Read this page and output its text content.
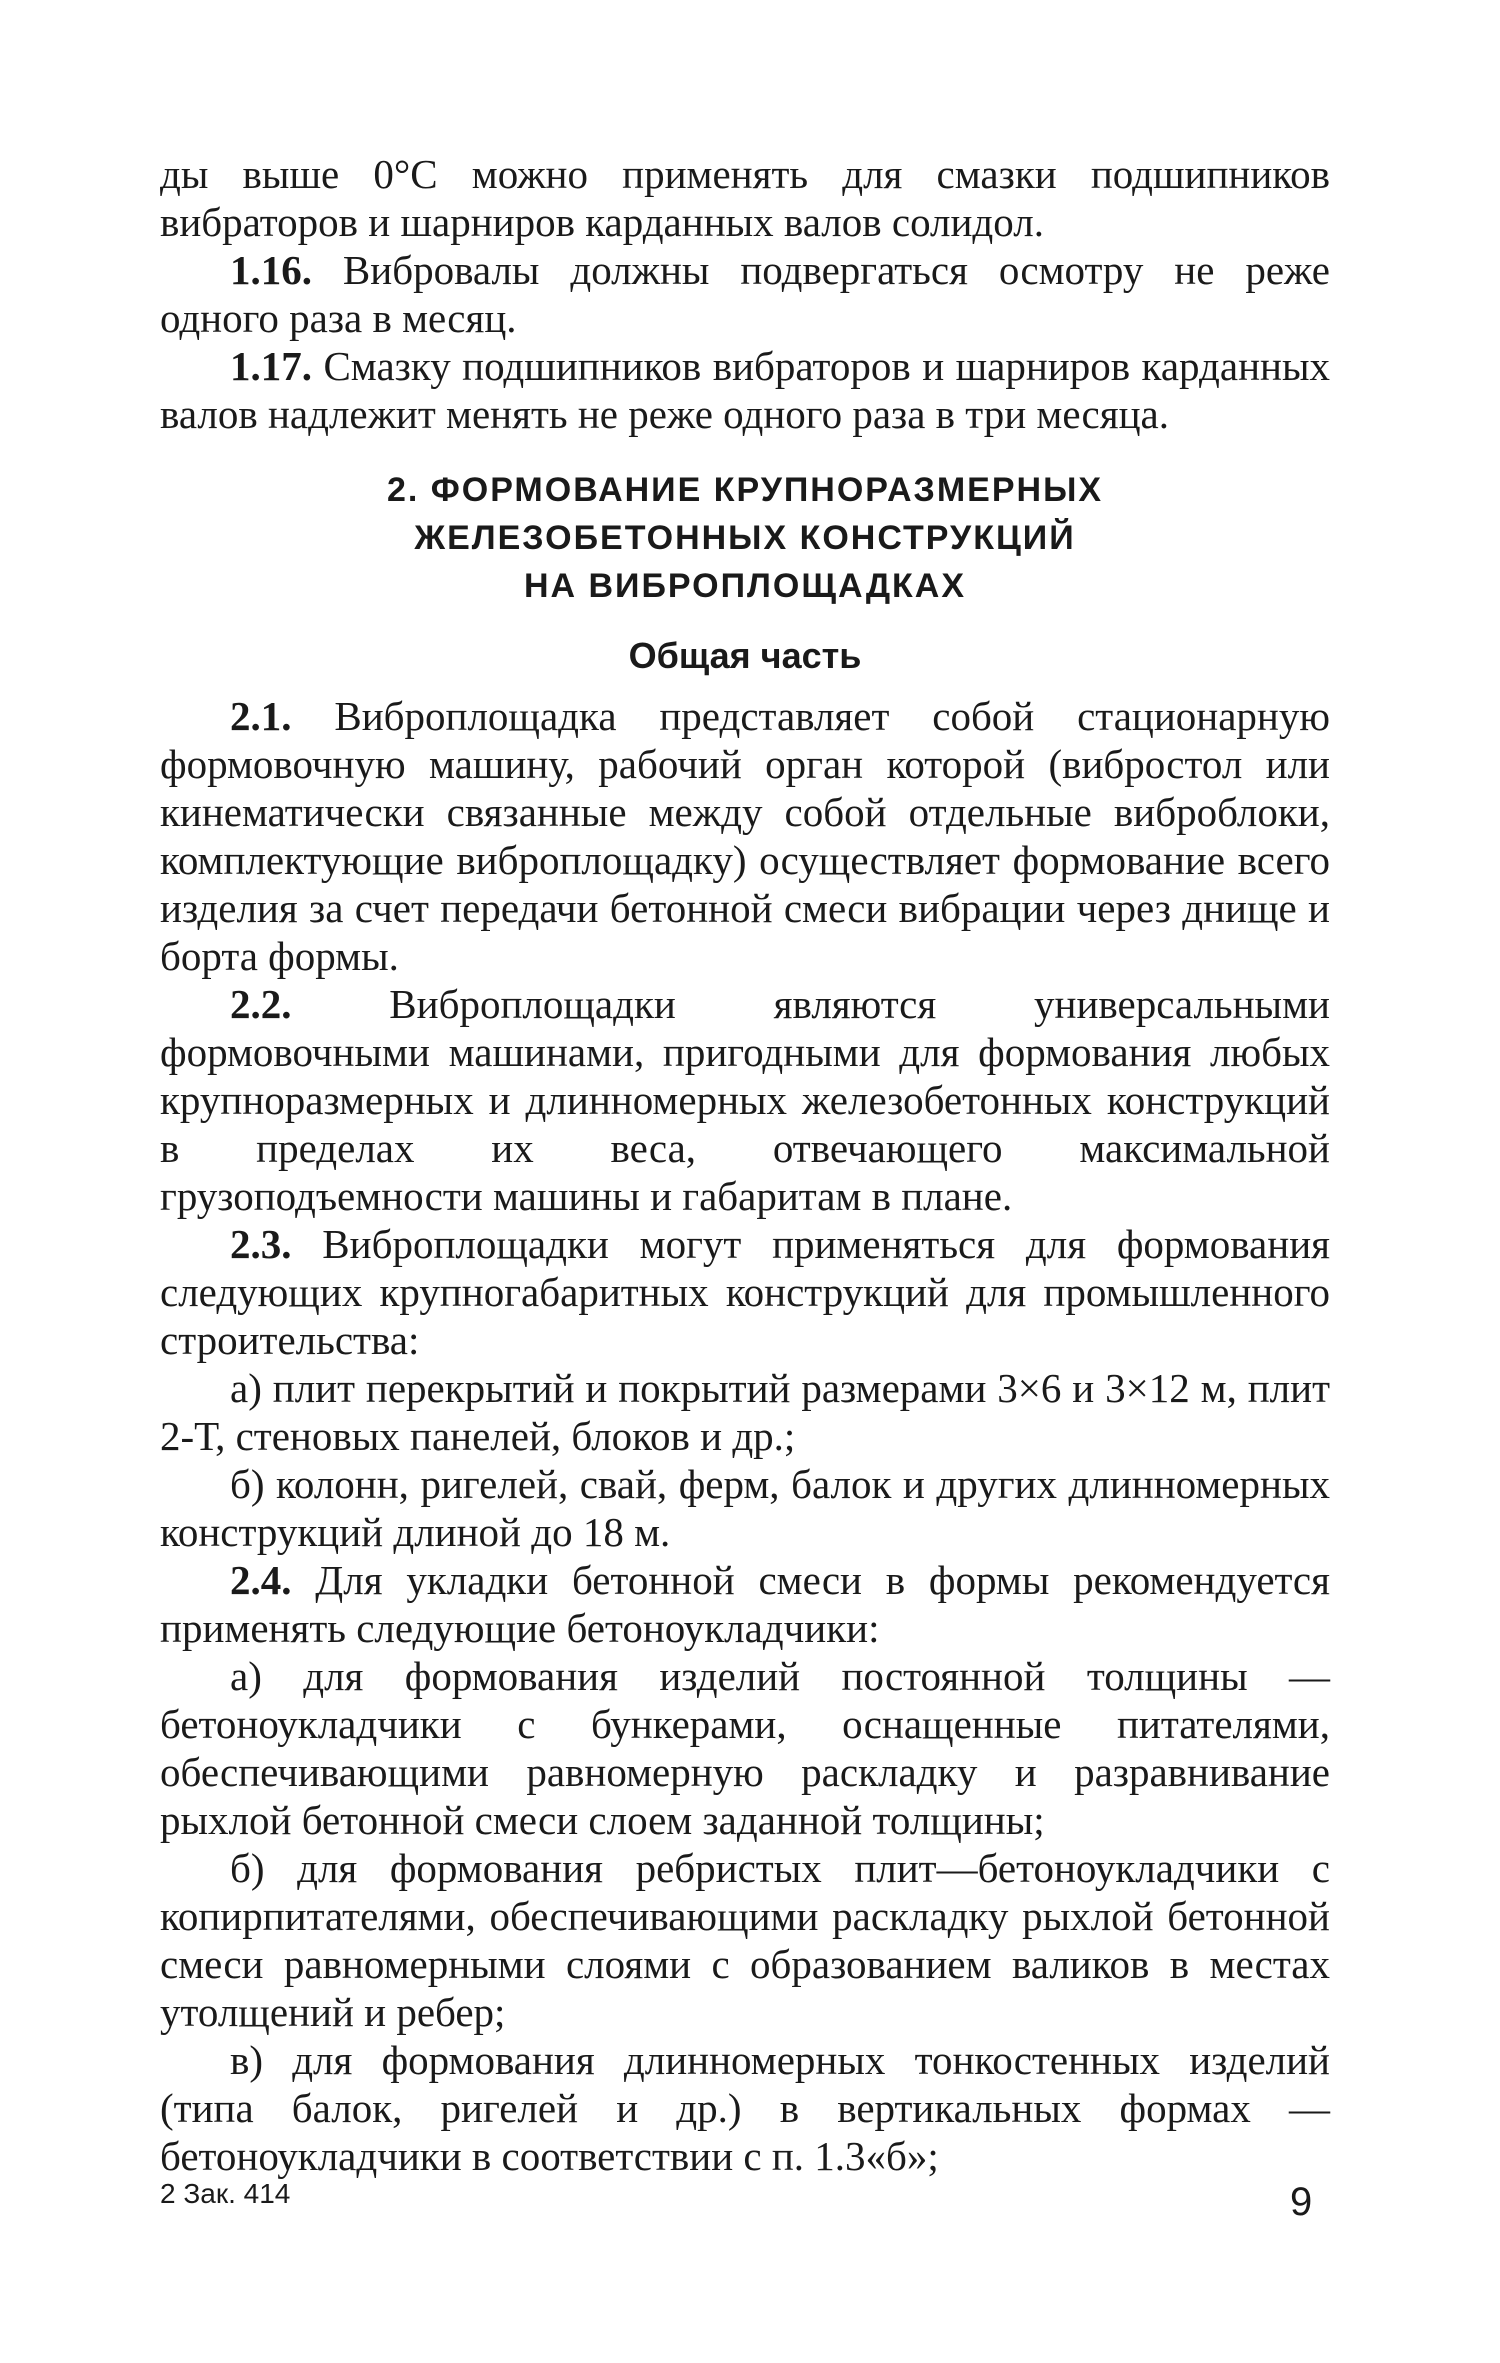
ды выше 0°С можно применять для смазки подшипников вибраторов и шарниров карданных валов солидол.

1.16. Вибровалы должны подвергаться осмотру не реже одного раза в месяц.

1.17. Смазку подшипников вибраторов и шарниров карданных валов надлежит менять не реже одного раза в три месяца.

2. ФОРМОВАНИЕ КРУПНОРАЗМЕРНЫХ
ЖЕЛЕЗОБЕТОННЫХ КОНСТРУКЦИЙ
НА ВИБРОПЛОЩАДКАХ
Общая часть

2.1. Виброплощадка представляет собой стационарную формовочную машину, рабочий орган которой (вибростол или кинематически связанные между собой отдельные виброблоки, комплектующие виброплощадку) осуществляет формование всего изделия за счет передачи бетонной смеси вибрации через днище и борта формы.

2.2. Виброплощадки являются универсальными формовочными машинами, пригодными для формования любых крупноразмерных и длинномерных железобетонных конструкций в пределах их веса, отвечающего максимальной грузоподъемности машины и габаритам в плане.

2.3. Виброплощадки могут применяться для формования следующих крупногабаритных конструкций для промышленного строительства:

а) плит перекрытий и покрытий размерами 3×6 и 3×12 м, плит 2-Т, стеновых панелей, блоков и др.;

б) колонн, ригелей, свай, ферм, балок и других длинномерных конструкций длиной до 18 м.

2.4. Для укладки бетонной смеси в формы рекомендуется применять следующие бетоноукладчики:

а) для формования изделий постоянной толщины — бетоноукладчики с бункерами, оснащенные питателями, обеспечивающими равномерную раскладку и разравнивание рыхлой бетонной смеси слоем заданной толщины;

б) для формования ребристых плит—бетоноукладчики с копирпитателями, обеспечивающими раскладку рыхлой бетонной смеси равномерными слоями с образованием валиков в местах утолщений и ребер;

в) для формования длинномерных тонкостенных изделий (типа балок, ригелей и др.) в вертикальных формах — бетоноукладчики в соответствии с п. 1.3«б»;

2 Зак. 414	9
